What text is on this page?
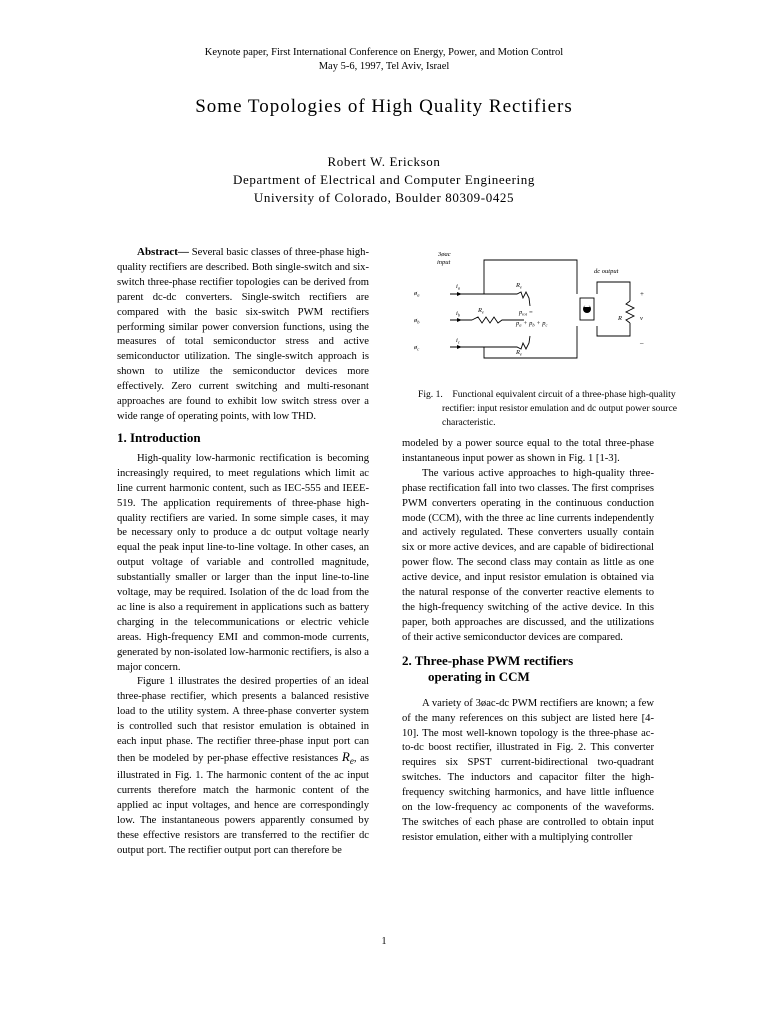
Keynote paper, First International Conference on Energy, Power, and Motion Control
May 5-6, 1997, Tel Aviv, Israel
Some Topologies of High Quality Rectifiers
Robert W. Erickson
Department of Electrical and Computer Engineering
University of Colorado, Boulder 80309-0425

Abstract— Several basic classes of three-phase high-quality rectifiers are described. Both single-switch and six-switch three-phase rectifier topologies can be derived from parent dc-dc converters. Single-switch rectifiers are compared with the basic six-switch PWM rectifiers performing similar power conversion functions, using the measures of total semiconductor stress and active semiconductor utilization. The single-switch approach is shown to utilize the semiconductor devices more effectively. Zero current switching and multi-resonant approaches are found to exhibit low switch stress over a wide range of operating points, with low THD.

1. Introduction

High-quality low-harmonic rectification is becoming increasingly required, to meet regulations which limit ac line current harmonic content, such as IEC-555 and IEEE-519. The application requirements of three-phase high-quality rectifiers are varied. In some simple cases, it may be necessary only to produce a dc output voltage nearly equal the peak input line-to-line voltage. In other cases, an output voltage of variable and controlled magnitude, substantially smaller or larger than the input line-to-line voltage, may be required. Isolation of the dc load from the ac line is also a requirement in applications such as battery charging in the telecommunications or electric vehicle areas. High-frequency EMI and common-mode currents, generated by non-isolated low-harmonic rectifiers, is also a major concern.

Figure 1 illustrates the desired properties of an ideal three-phase rectifier, which presents a balanced resistive load to the utility system. A three-phase converter system is controlled such that resistor emulation is obtained in each input phase. The rectifier three-phase input port can then be modeled by per-phase effective resistances $R_e$, as illustrated in Fig. 1. The harmonic content of the ac input currents therefore match the harmonic content of the applied ac input voltages, and hence are correspondingly low. The instantaneous powers apparently consumed by these effective resistors are transferred to the rectifier dc output port. The rectifier output port can therefore be

3øac
input
dc output
$ø_a$
$ø_b$
$ø_c$
$i_a$
$i_b$
$i_c$
$R_e$
$R_e$
$R_e$
$p_{tot}$ =
$p_a + p_b + p_c$
R	v
+
–
Fig. 1. Functional equivalent circuit of a three-phase high-quality rectifier: input resistor emulation and dc output power source characteristic.

modeled by a power source equal to the total three-phase instantaneous input power as shown in Fig. 1 [1-3].

The various active approaches to high-quality three-phase rectification fall into two classes. The first comprises PWM converters operating in the continuous conduction mode (CCM), with the three ac line currents independently and actively regulated. These converters usually contain six or more active devices, and are capable of bidirectional power flow. The second class may contain as little as one active device, and input resistor emulation is obtained via the natural response of the converter reactive elements to the high-frequency switching of the active device. In this paper, both approaches are discussed, and the utilizations of their active semiconductor devices are compared.

2. Three-phase PWM rectifiers
operating in CCM

A variety of 3øac-dc PWM rectifiers are known; a few of the many references on this subject are listed here [4-10]. The most well-known topology is the three-phase ac-to-dc boost rectifier, illustrated in Fig. 2. This converter requires six SPST current-bidirectional two-quadrant switches. The inductors and capacitor filter the high-frequency switching harmonics, and have little influence on the low-frequency ac components of the waveforms. The switches of each phase are controlled to obtain input resistor emulation, either with a multiplying controller

1
